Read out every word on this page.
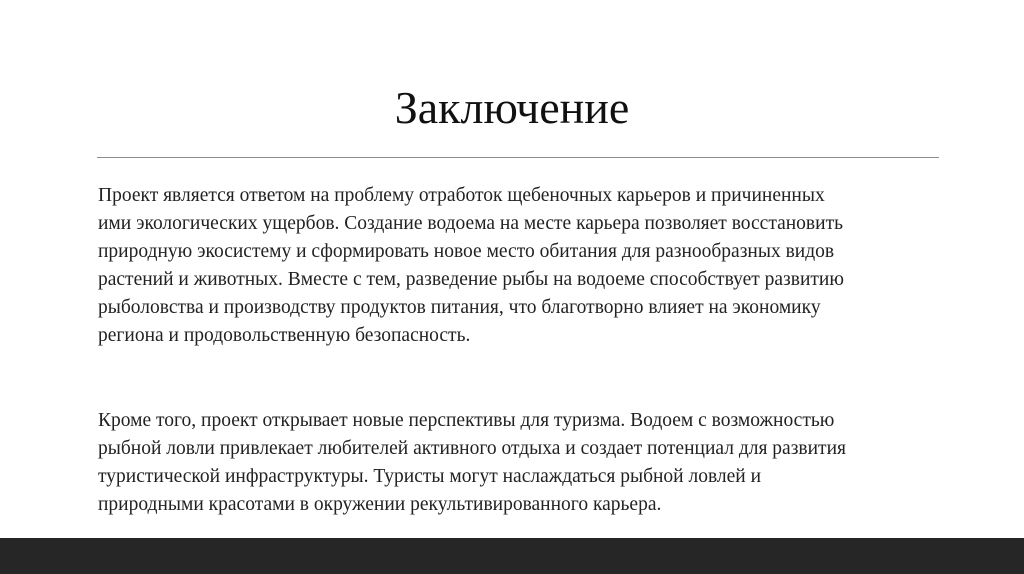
Заключение

Проект является ответом на проблему отработок щебеночных карьеров и причиненных
ими экологических ущербов. Создание водоема на месте карьера позволяет восстановить
природную экосистему и сформировать новое место обитания для разнообразных видов
растений и животных. Вместе с тем, разведение рыбы на водоеме способствует развитию
рыболовства и производству продуктов питания, что благотворно влияет на экономику
региона и продовольственную безопасность.

Кроме того, проект открывает новые перспективы для туризма. Водоем с возможностью
рыбной ловли привлекает любителей активного отдыха и создает потенциал для развития
туристической инфраструктуры. Туристы могут наслаждаться рыбной ловлей и
природными красотами в окружении рекультивированного карьера.
